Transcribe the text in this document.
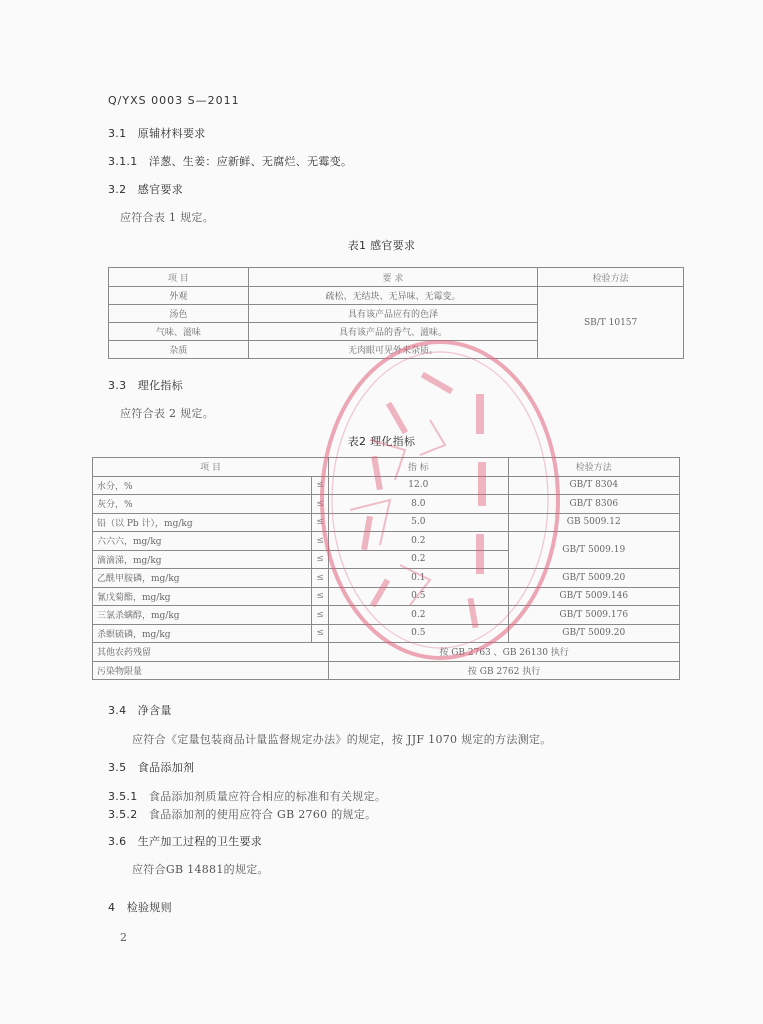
Q/YXS 0003 S—2011
3.1 原辅材料要求
3.1.1 洋葱、生姜：应新鲜、无腐烂、无霉变。
3.2 感官要求
应符合表 1 规定。
表1 感官要求
项 目	要 求	检验方法
外观	疏松、无结块、无异味、无霉变。	SB/T 10157
汤色	具有该产品应有的色泽	
气味、滋味	具有该产品的香气、滋味。	
杂质	无肉眼可见外来杂质。	
3.3 理化指标
应符合表 2 规定。
表2 理化指标
项 目		指 标	检验方法
水分，%	≤	12.0	GB/T 8304
灰分，%	≤	8.0	GB/T 8306
铅（以 Pb 计），mg/kg	≤	5.0	GB 5009.12
六六六，mg/kg	≤	0.2	GB/T 5009.19
滴滴涕，mg/kg	≤	0.2	
乙酰甲胺磷，mg/kg	≤	0.1	GB/T 5009.20
氰戊菊酯，mg/kg	≤	0.5	GB/T 5009.146
三氯杀螨醇，mg/kg	≤	0.2	GB/T 5009.176
杀螟硫磷，mg/kg	≤	0.5	GB/T 5009.20
其他农药残留		按 GB 2763 、GB 26130 执行	
污染物限量		按 GB 2762 执行	
3.4 净含量
应符合《定量包装商品计量监督规定办法》的规定，按 JJF 1070 规定的方法测定。
3.5 食品添加剂
3.5.1 食品添加剂质量应符合相应的标准和有关规定。
3.5.2 食品添加剂的使用应符合 GB 2760 的规定。
3.6 生产加工过程的卫生要求
应符合GB 14881的规定。
4 检验规则
2
